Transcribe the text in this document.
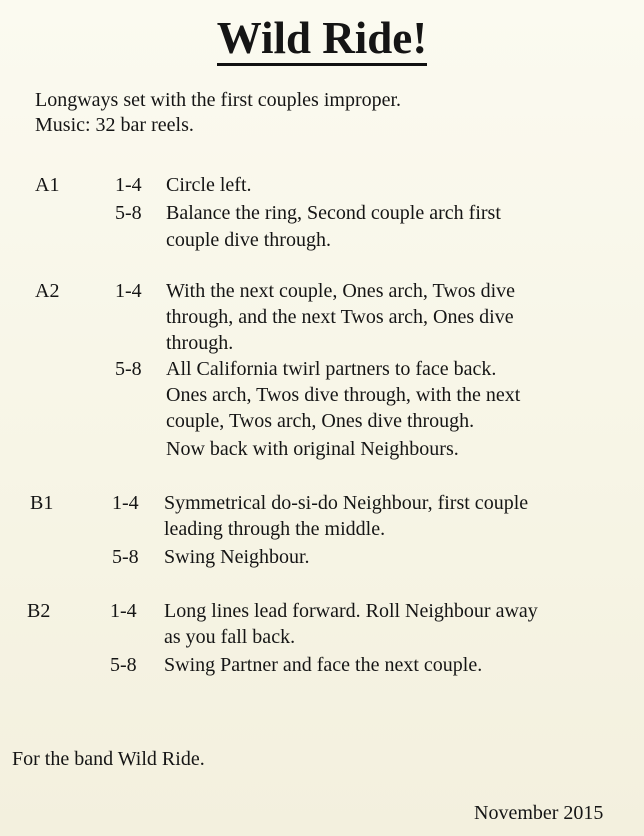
Wild Ride!
Longways set with the first couples improper.
Music: 32 bar reels.
A1	1-4 Circle left.
5-8 Balance the ring, Second couple arch first
couple dive through.
A2	1-4 With the next couple, Ones arch, Twos dive
through, and the next Twos arch, Ones dive
through.
5-8 All California twirl partners to face back.
Ones arch, Twos dive through, with the next
couple, Twos arch, Ones dive through.
Now back with original Neighbours.
B1	1-4 Symmetrical do-si-do Neighbour, first couple
leading through the middle.
5-8 Swing Neighbour.
B2	1-4 Long lines lead forward. Roll Neighbour away
as you fall back.
5-8 Swing Partner and face the next couple.
For the band Wild Ride.
November 2015
